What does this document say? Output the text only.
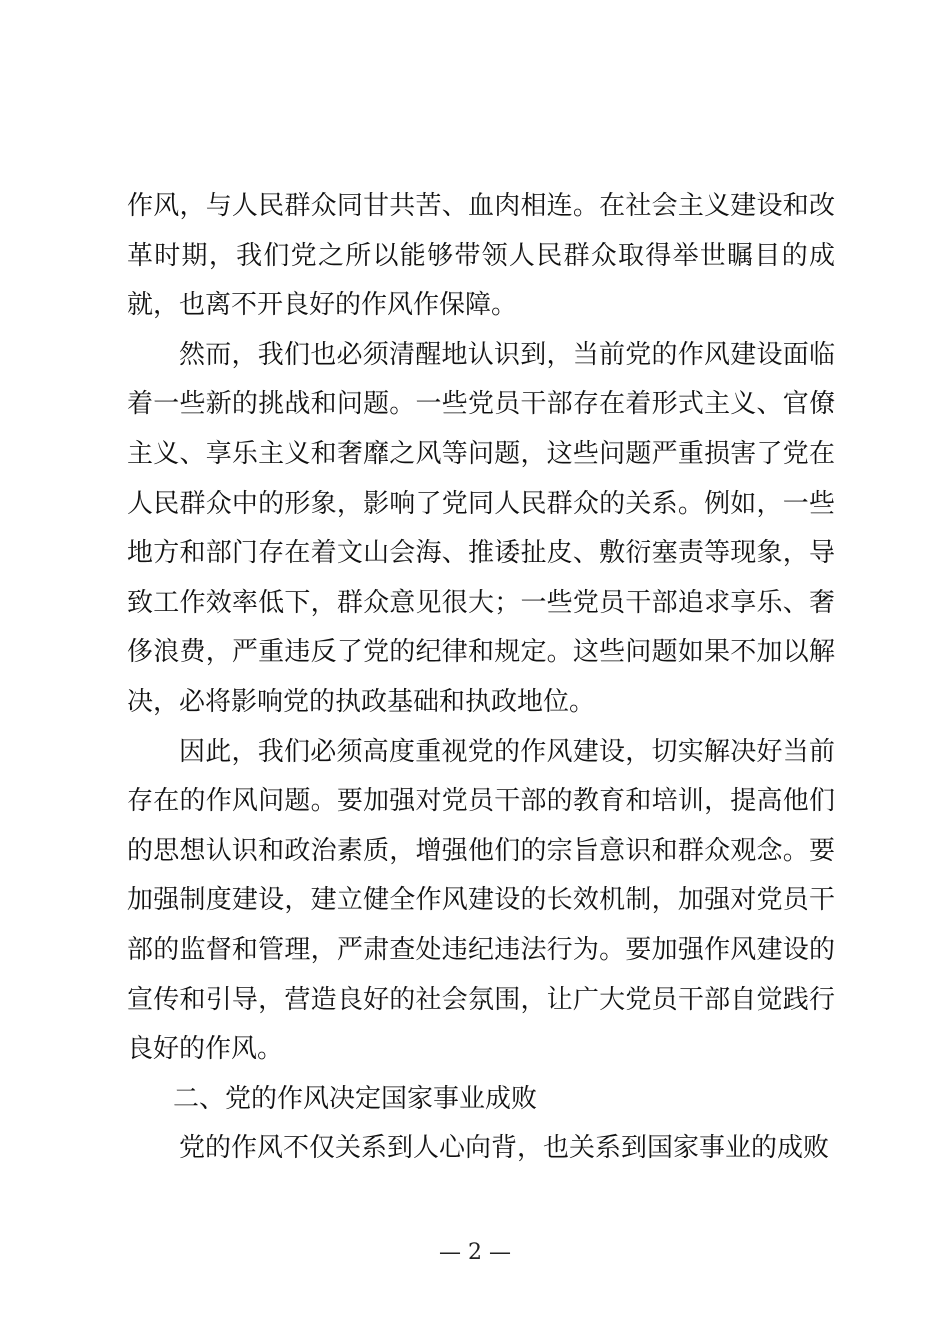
作风，与人民群众同甘共苦、血肉相连。在社会主义建设和改革时期，我们党之所以能够带领人民群众取得举世瞩目的成就，也离不开良好的作风作保障。

然而，我们也必须清醒地认识到，当前党的作风建设面临着一些新的挑战和问题。一些党员干部存在着形式主义、官僚主义、享乐主义和奢靡之风等问题，这些问题严重损害了党在人民群众中的形象，影响了党同人民群众的关系。例如，一些地方和部门存在着文山会海、推诿扯皮、敷衍塞责等现象，导致工作效率低下，群众意见很大；一些党员干部追求享乐、奢侈浪费，严重违反了党的纪律和规定。这些问题如果不加以解决，必将影响党的执政基础和执政地位。

因此，我们必须高度重视党的作风建设，切实解决好当前存在的作风问题。要加强对党员干部的教育和培训，提高他们的思想认识和政治素质，增强他们的宗旨意识和群众观念。要加强制度建设，建立健全作风建设的长效机制，加强对党员干部的监督和管理，严肃查处违纪违法行为。要加强作风建设的宣传和引导，营造良好的社会氛围，让广大党员干部自觉践行良好的作风。

二、党的作风决定国家事业成败

党的作风不仅关系到人心向背，也关系到国家事业的成败

— 2 —
